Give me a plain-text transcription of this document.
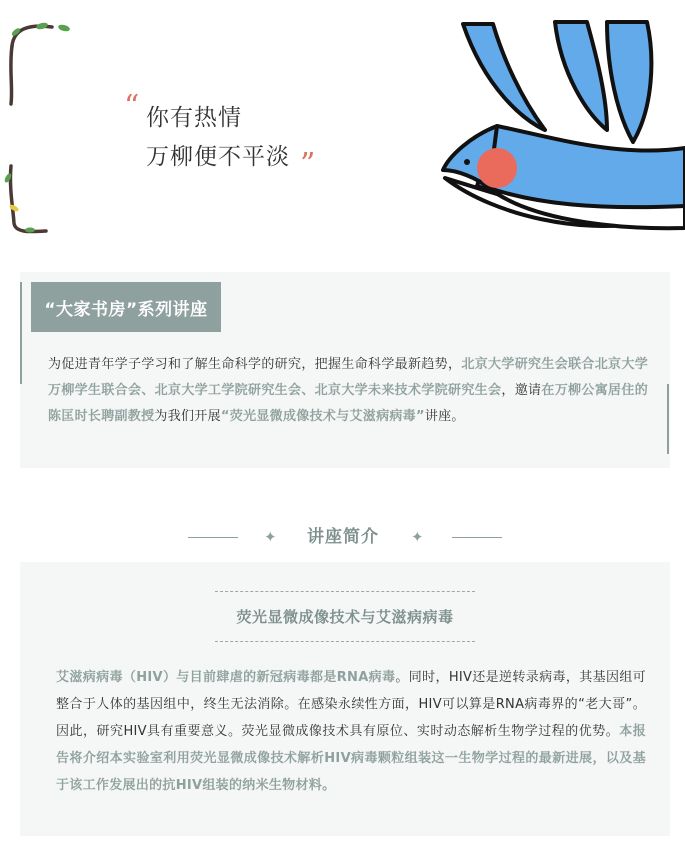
“ 你有热情
万柳便不平淡 ”
“大家书房”系列讲座

为促进青年学子学习和了解生命科学的研究，把握生命科学最新趋势，北京大学研究生会联合北京大学万柳学生联合会、北京大学工学院研究生会、北京大学未来技术学院研究生会，邀请在万柳公寓居住的陈匡时长聘副教授为我们开展“荧光显微成像技术与艾滋病病毒”讲座。

✦	讲座简介	✦
荧光显微成像技术与艾滋病病毒

艾滋病病毒（HIV）与目前肆虐的新冠病毒都是RNA病毒。同时，HIV还是逆转录病毒，其基因组可整合于人体的基因组中，终生无法消除。在感染永续性方面，HIV可以算是RNA病毒界的“老大哥”。因此，研究HIV具有重要意义。荧光显微成像技术具有原位、实时动态解析生物学过程的优势。本报告将介绍本实验室利用荧光显微成像技术解析HIV病毒颗粒组装这一生物学过程的最新进展，以及基于该工作发展出的抗HIV组装的纳米生物材料。
